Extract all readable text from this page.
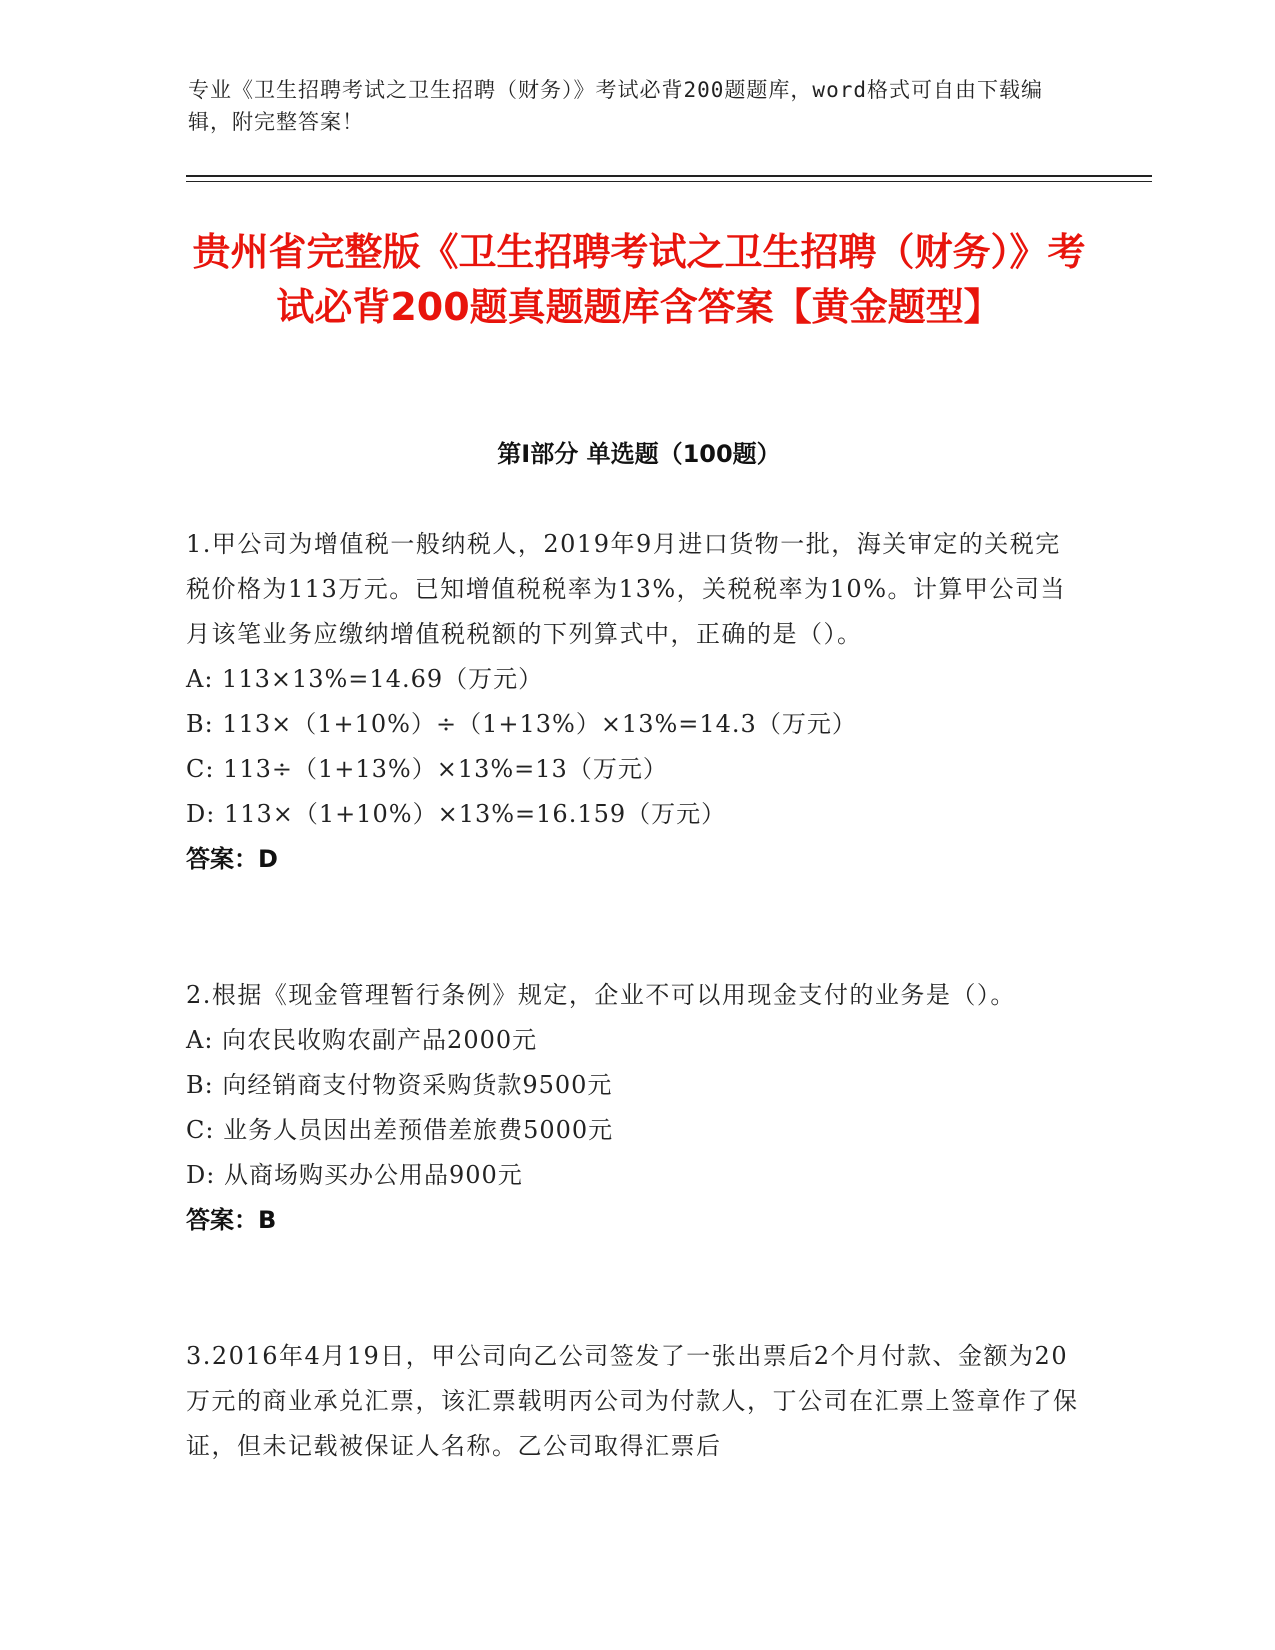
专业《卫生招聘考试之卫生招聘（财务）》考试必背200题题库，word格式可自由下载编辑，附完整答案！
贵州省完整版《卫生招聘考试之卫生招聘（财务）》考试必背200题真题题库含答案【黄金题型】
第Ⅰ部分 单选题（100题）
1.甲公司为增值税一般纳税人，2019年9月进口货物一批，海关审定的关税完税价格为113万元。已知增值税税率为13%，关税税率为10%。计算甲公司当月该笔业务应缴纳增值税税额的下列算式中，正确的是（）。
A: 113×13%=14.69（万元）
B: 113×（1+10%）÷（1+13%）×13%=14.3（万元）
C: 113÷（1+13%）×13%=13（万元）
D: 113×（1+10%）×13%=16.159（万元）
答案：D
2.根据《现金管理暂行条例》规定，企业不可以用现金支付的业务是（）。
A: 向农民收购农副产品2000元
B: 向经销商支付物资采购货款9500元
C: 业务人员因出差预借差旅费5000元
D: 从商场购买办公用品900元
答案：B
3.2016年4月19日，甲公司向乙公司签发了一张出票后2个月付款、金额为20万元的商业承兑汇票，该汇票载明丙公司为付款人，丁公司在汇票上签章作了保证，但未记载被保证人名称。乙公司取得汇票后
